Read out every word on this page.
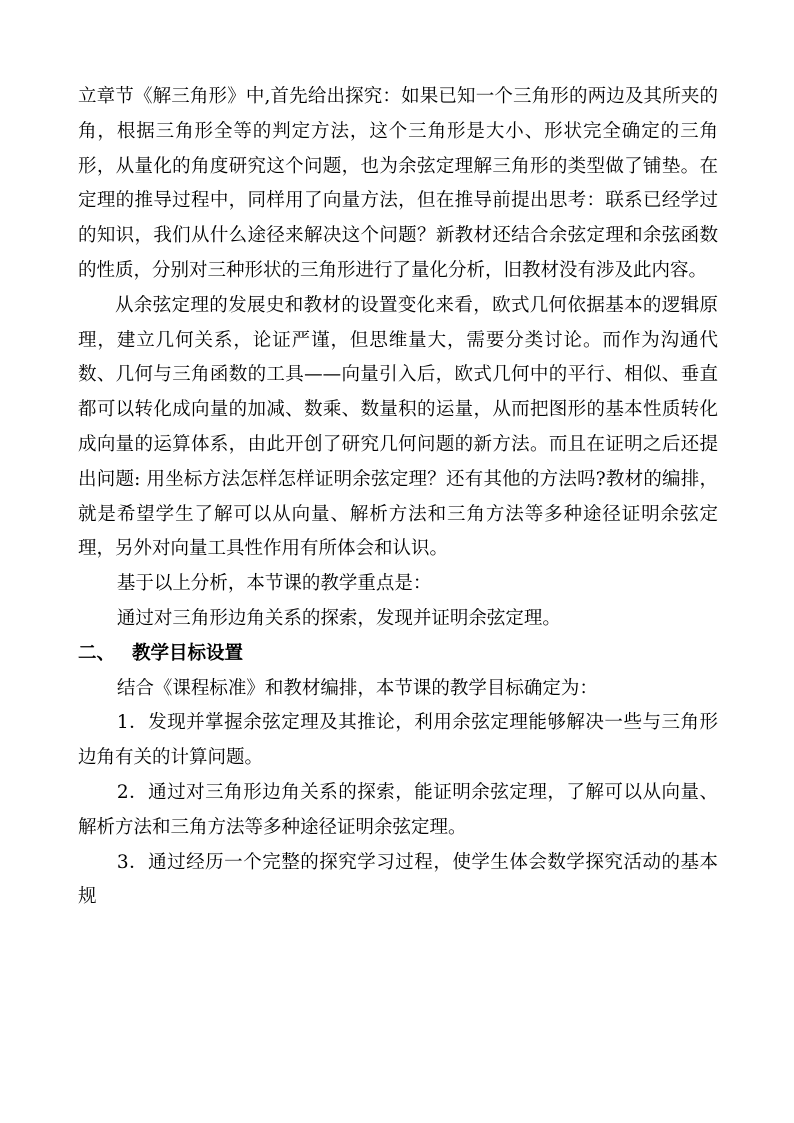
立章节《解三角形》中,首先给出探究：如果已知一个三角形的两边及其所夹的角，根据三角形全等的判定方法，这个三角形是大小、形状完全确定的三角形，从量化的角度研究这个问题，也为余弦定理解三角形的类型做了铺垫。在定理的推导过程中，同样用了向量方法，但在推导前提出思考：联系已经学过的知识，我们从什么途径来解决这个问题？新教材还结合余弦定理和余弦函数的性质，分别对三种形状的三角形进行了量化分析，旧教材没有涉及此内容。

从余弦定理的发展史和教材的设置变化来看，欧式几何依据基本的逻辑原理，建立几何关系，论证严谨，但思维量大，需要分类讨论。而作为沟通代数、几何与三角函数的工具——向量引入后，欧式几何中的平行、相似、垂直都可以转化成向量的加减、数乘、数量积的运量，从而把图形的基本性质转化成向量的运算体系，由此开创了研究几何问题的新方法。而且在证明之后还提出问题: 用坐标方法怎样怎样证明余弦定理？还有其他的方法吗?教材的编排，就是希望学生了解可以从向量、解析方法和三角方法等多种途径证明余弦定理，另外对向量工具性作用有所体会和认识。

基于以上分析，本节课的教学重点是：

通过对三角形边角关系的探索，发现并证明余弦定理。

二、 教学目标设置

结合《课程标准》和教材编排，本节课的教学目标确定为：

1．发现并掌握余弦定理及其推论，利用余弦定理能够解决一些与三角形边角有关的计算问题。

2．通过对三角形边角关系的探索，能证明余弦定理，了解可以从向量、解析方法和三角方法等多种途径证明余弦定理。

3．通过经历一个完整的探究学习过程，使学生体会数学探究活动的基本规
